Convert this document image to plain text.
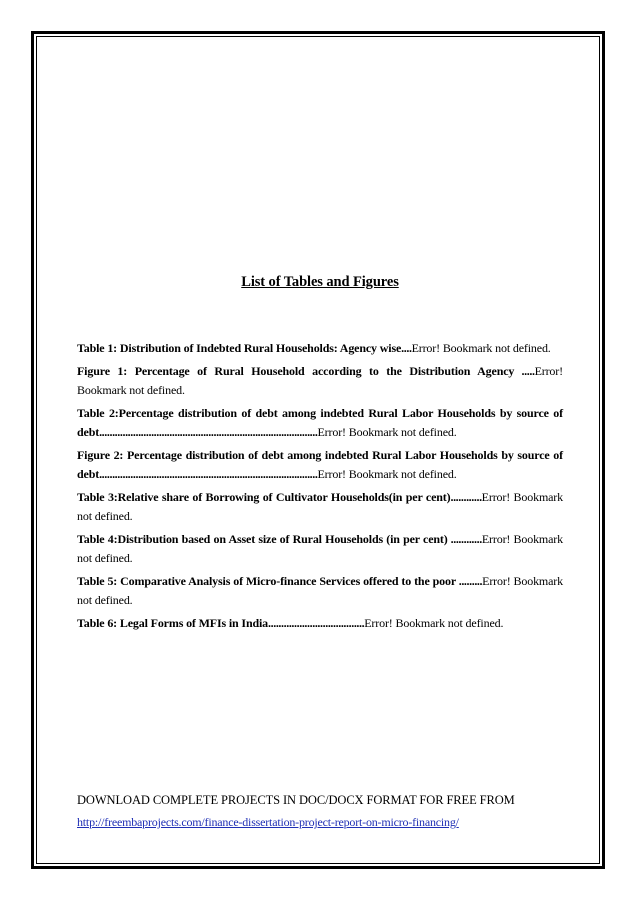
List of Tables and Figures

Table 1: Distribution of Indebted Rural Households: Agency wise....Error! Bookmark not defined.

Figure 1: Percentage of Rural Household according to the Distribution Agency .....Error! Bookmark not defined.

Table 2:Percentage distribution of debt among indebted Rural Labor Households by source of debt....................................................................................Error! Bookmark not defined.

Figure 2: Percentage distribution of debt among indebted Rural Labor Households by source of debt....................................................................................Error! Bookmark not defined.

Table 3:Relative share of Borrowing of Cultivator Households(in per cent)............Error! Bookmark not defined.

Table 4:Distribution based on Asset size of Rural Households (in per cent) ............Error! Bookmark not defined.

Table 5: Comparative Analysis of Micro-finance Services offered to the poor .........Error! Bookmark not defined.

Table 6: Legal Forms of MFIs in India.....................................Error! Bookmark not defined.

DOWNLOAD COMPLETE PROJECTS IN DOC/DOCX FORMAT FOR FREE FROM
http://freembaprojects.com/finance-dissertation-project-report-on-micro-financing/
